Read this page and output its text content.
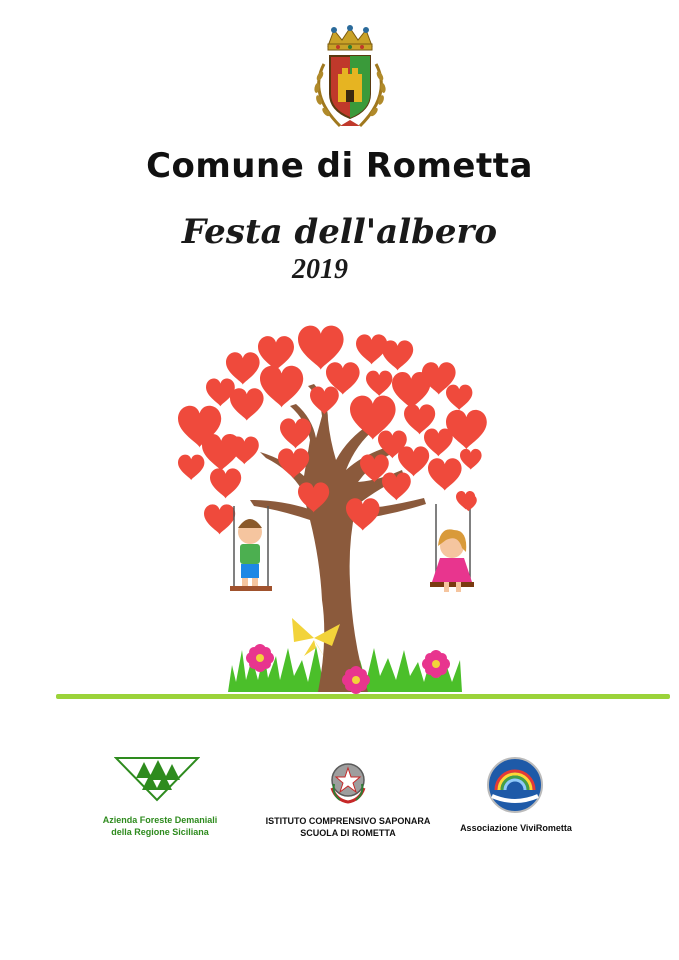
Comune di Rometta
Festa dell'albero
2019
Azienda Foreste Demaniali
della Regione Siciliana
ISTITUTO COMPRENSIVO SAPONARA
SCUOLA DI ROMETTA	Associazione ViviRometta
